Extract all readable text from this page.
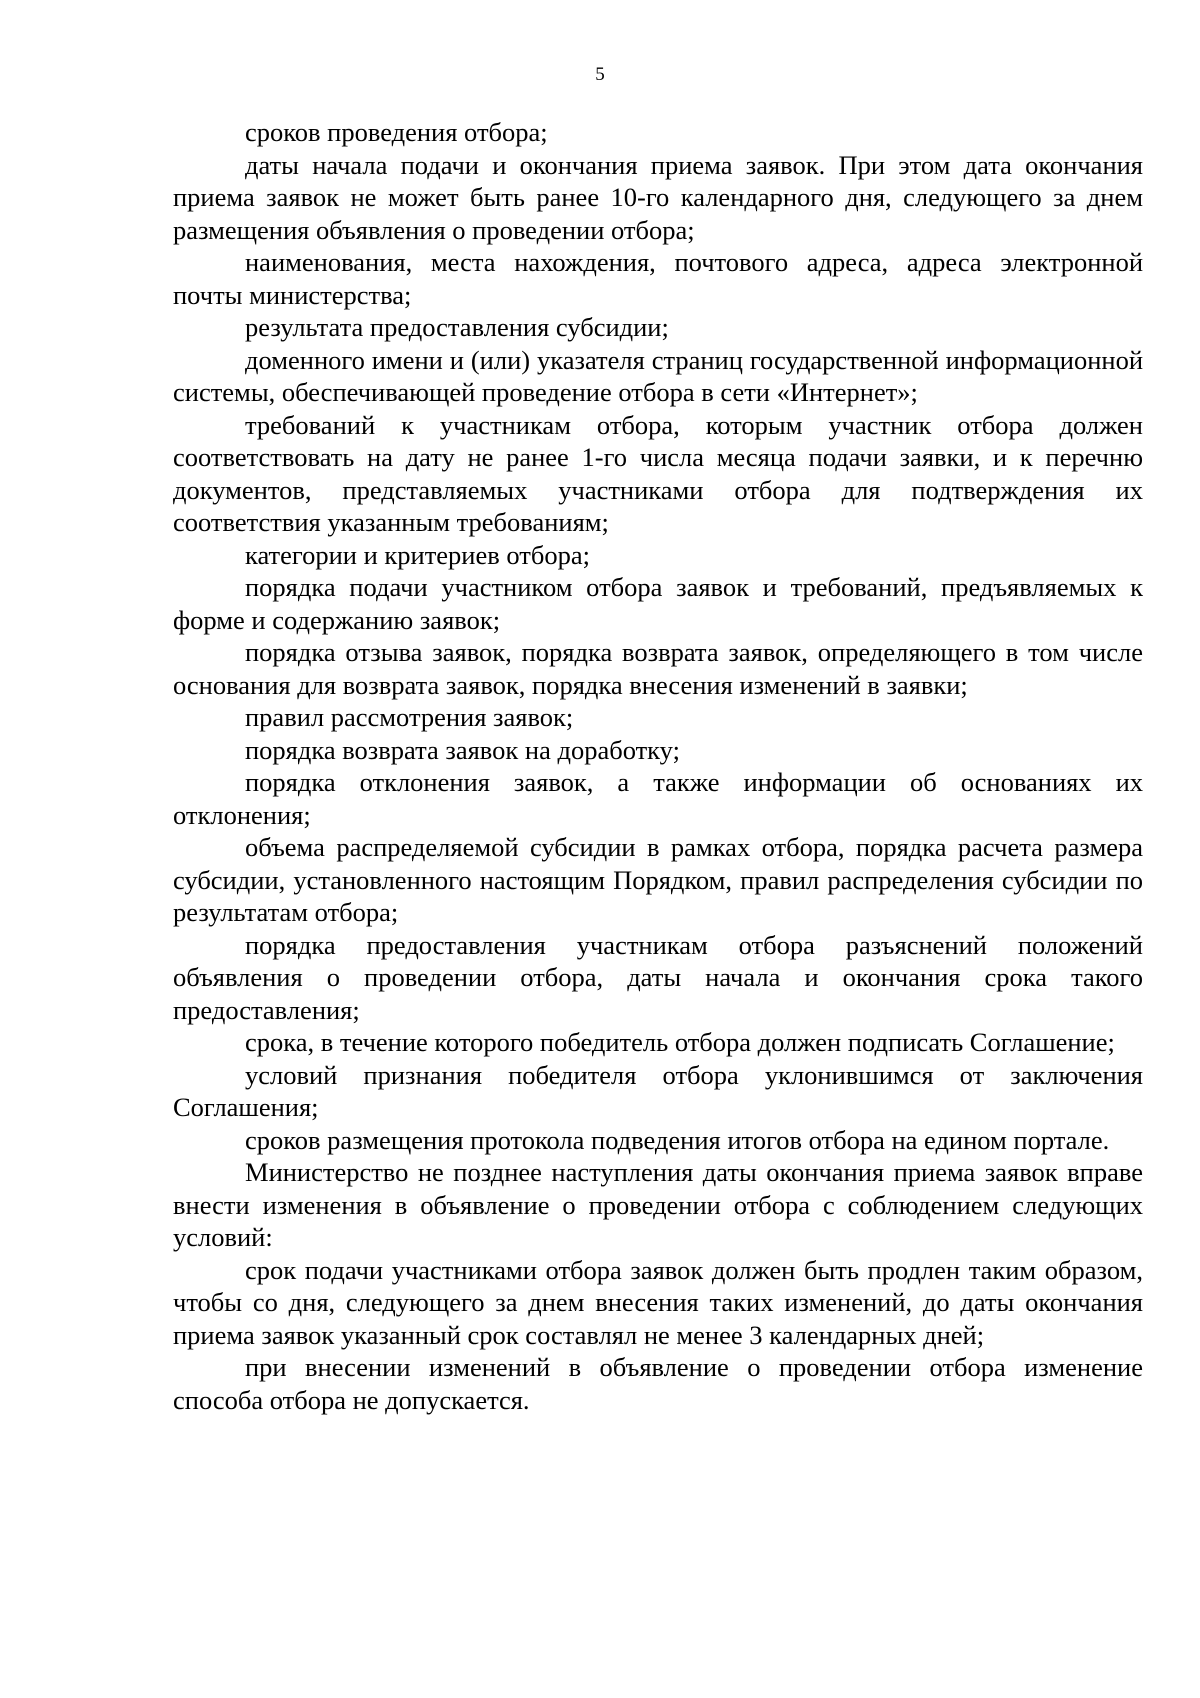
5

сроков проведения отбора;

даты начала подачи и окончания приема заявок. При этом дата окончания приема заявок не может быть ранее 10-го календарного дня, следующего за днем размещения объявления о проведении отбора;

наименования, места нахождения, почтового адреса, адреса электронной почты министерства;

результата предоставления субсидии;

доменного имени и (или) указателя страниц государственной информационной системы, обеспечивающей проведение отбора в сети «Интернет»;

требований к участникам отбора, которым участник отбора должен соответствовать на дату не ранее 1-го числа месяца подачи заявки, и к перечню документов, представляемых участниками отбора для подтверждения их соответствия указанным требованиям;

категории и критериев отбора;

порядка подачи участником отбора заявок и требований, предъявляемых к форме и содержанию заявок;

порядка отзыва заявок, порядка возврата заявок, определяющего в том числе основания для возврата заявок, порядка внесения изменений в заявки;

правил рассмотрения заявок;

порядка возврата заявок на доработку;

порядка отклонения заявок, а также информации об основаниях их отклонения;

объема распределяемой субсидии в рамках отбора, порядка расчета размера субсидии, установленного настоящим Порядком, правил распределения субсидии по результатам отбора;

порядка предоставления участникам отбора разъяснений положений объявления о проведении отбора, даты начала и окончания срока такого предоставления;

срока, в течение которого победитель отбора должен подписать Соглашение;

условий признания победителя отбора уклонившимся от заключения Соглашения;

сроков размещения протокола подведения итогов отбора на едином портале.

Министерство не позднее наступления даты окончания приема заявок вправе внести изменения в объявление о проведении отбора с соблюдением следующих условий:

срок подачи участниками отбора заявок должен быть продлен таким образом, чтобы со дня, следующего за днем внесения таких изменений, до даты окончания приема заявок указанный срок составлял не менее 3 календарных дней;

при внесении изменений в объявление о проведении отбора изменение способа отбора не допускается.
